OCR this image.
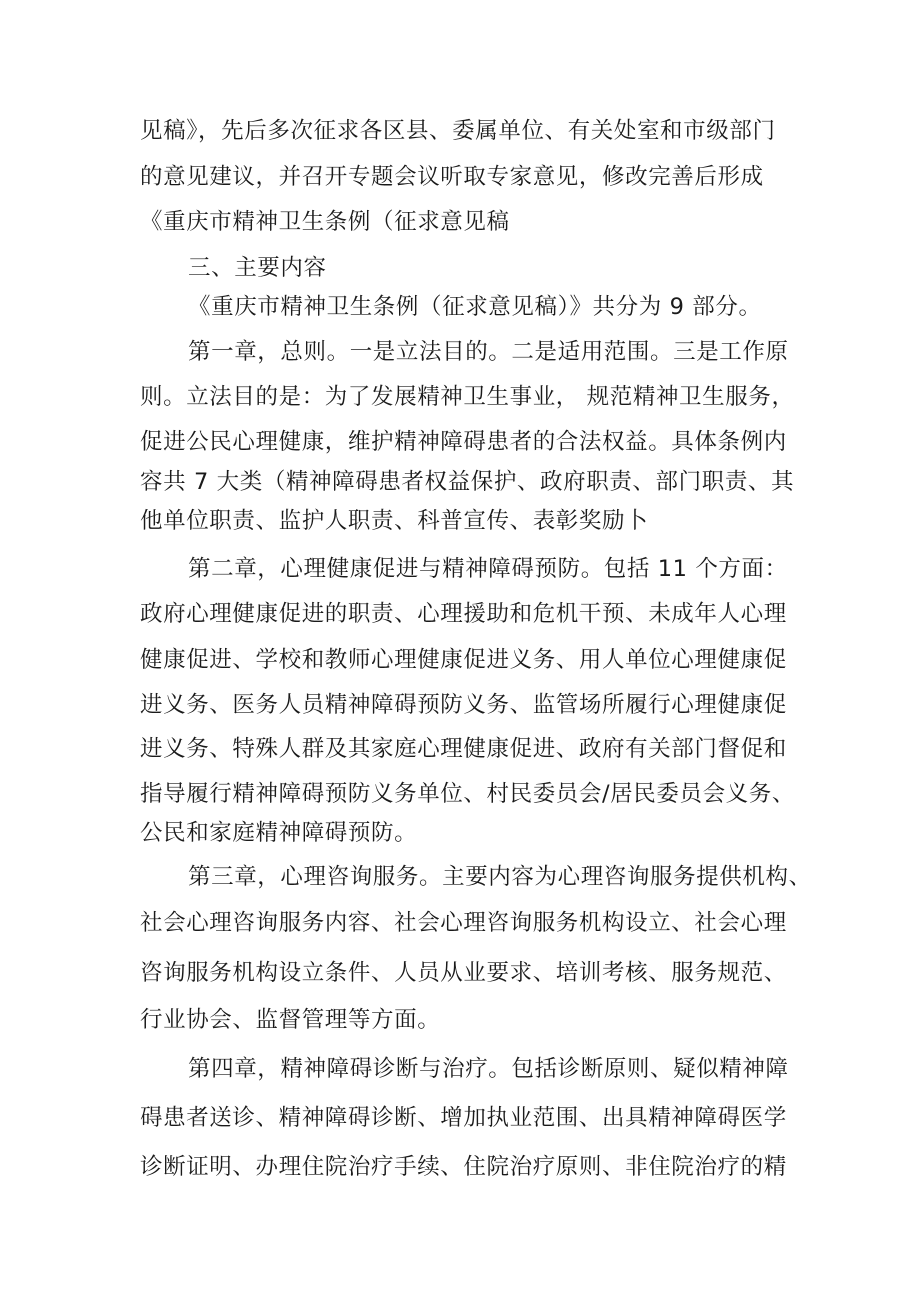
见稿》，先后多次征求各区县、委属单位、有关处室和市级部门
的意见建议，并召开专题会议听取专家意见，修改完善后形成
《重庆市精神卫生条例（征求意见稿
三、主要内容
《重庆市精神卫生条例（征求意见稿）》共分为 9 部分。
第一章，总则。一是立法目的。二是适用范围。三是工作原
则。立法目的是：为了发展精神卫生事业， 规范精神卫生服务，
促进公民心理健康，维护精神障碍患者的合法权益。具体条例内
容共 7 大类（精神障碍患者权益保护、政府职责、部门职责、其
他单位职责、监护人职责、科普宣传、表彰奖励卜
第二章，心理健康促进与精神障碍预防。包括 11 个方面：
政府心理健康促进的职责、心理援助和危机干预、未成年人心理
健康促进、学校和教师心理健康促进义务、用人单位心理健康促
进义务、医务人员精神障碍预防义务、监管场所履行心理健康促
进义务、特殊人群及其家庭心理健康促进、政府有关部门督促和
指导履行精神障碍预防义务单位、村民委员会/居民委员会义务、
公民和家庭精神障碍预防。
第三章，心理咨询服务。主要内容为心理咨询服务提供机构、
社会心理咨询服务内容、社会心理咨询服务机构设立、社会心理
咨询服务机构设立条件、人员从业要求、培训考核、服务规范、
行业协会、监督管理等方面。
第四章，精神障碍诊断与治疗。包括诊断原则、疑似精神障
碍患者送诊、精神障碍诊断、增加执业范围、出具精神障碍医学
诊断证明、办理住院治疗手续、住院治疗原则、非住院治疗的精
